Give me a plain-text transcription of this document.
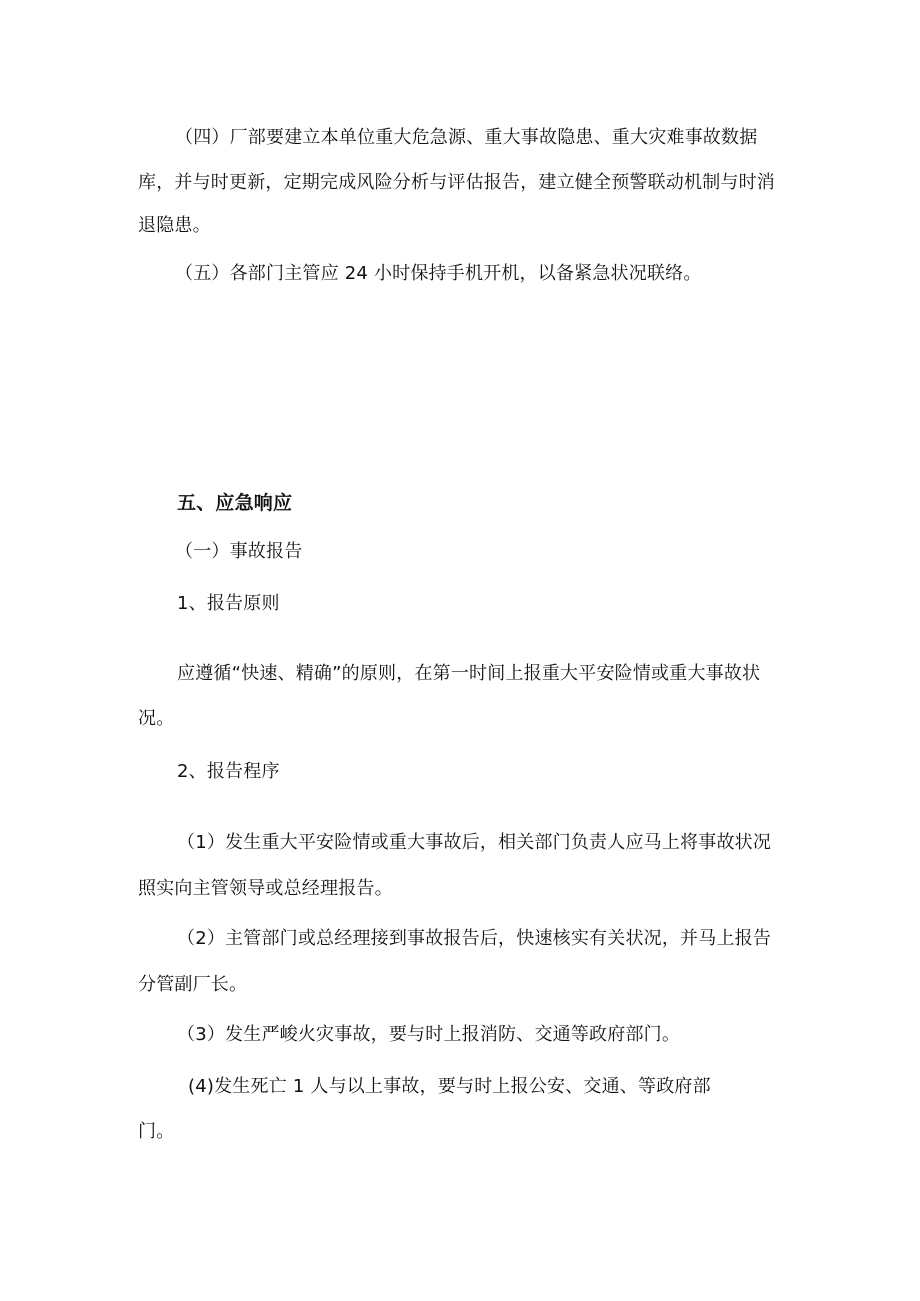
（四）厂部要建立本单位重大危急源、重大事故隐患、重大灾难事故数据
库，并与时更新，定期完成风险分析与评估报告，建立健全预警联动机制与时消
退隐患。
（五）各部门主管应 24 小时保持手机开机，以备紧急状况联络。
五、应急响应
（一）事故报告
1、报告原则
应遵循“快速、精确”的原则，在第一时间上报重大平安险情或重大事故状
况。
2、报告程序
（1）发生重大平安险情或重大事故后，相关部门负责人应马上将事故状况
照实向主管领导或总经理报告。
（2）主管部门或总经理接到事故报告后，快速核实有关状况，并马上报告
分管副厂长。
（3）发生严峻火灾事故，要与时上报消防、交通等政府部门。
(4)发生死亡 1 人与以上事故，要与时上报公安、交通、等政府部
门。
